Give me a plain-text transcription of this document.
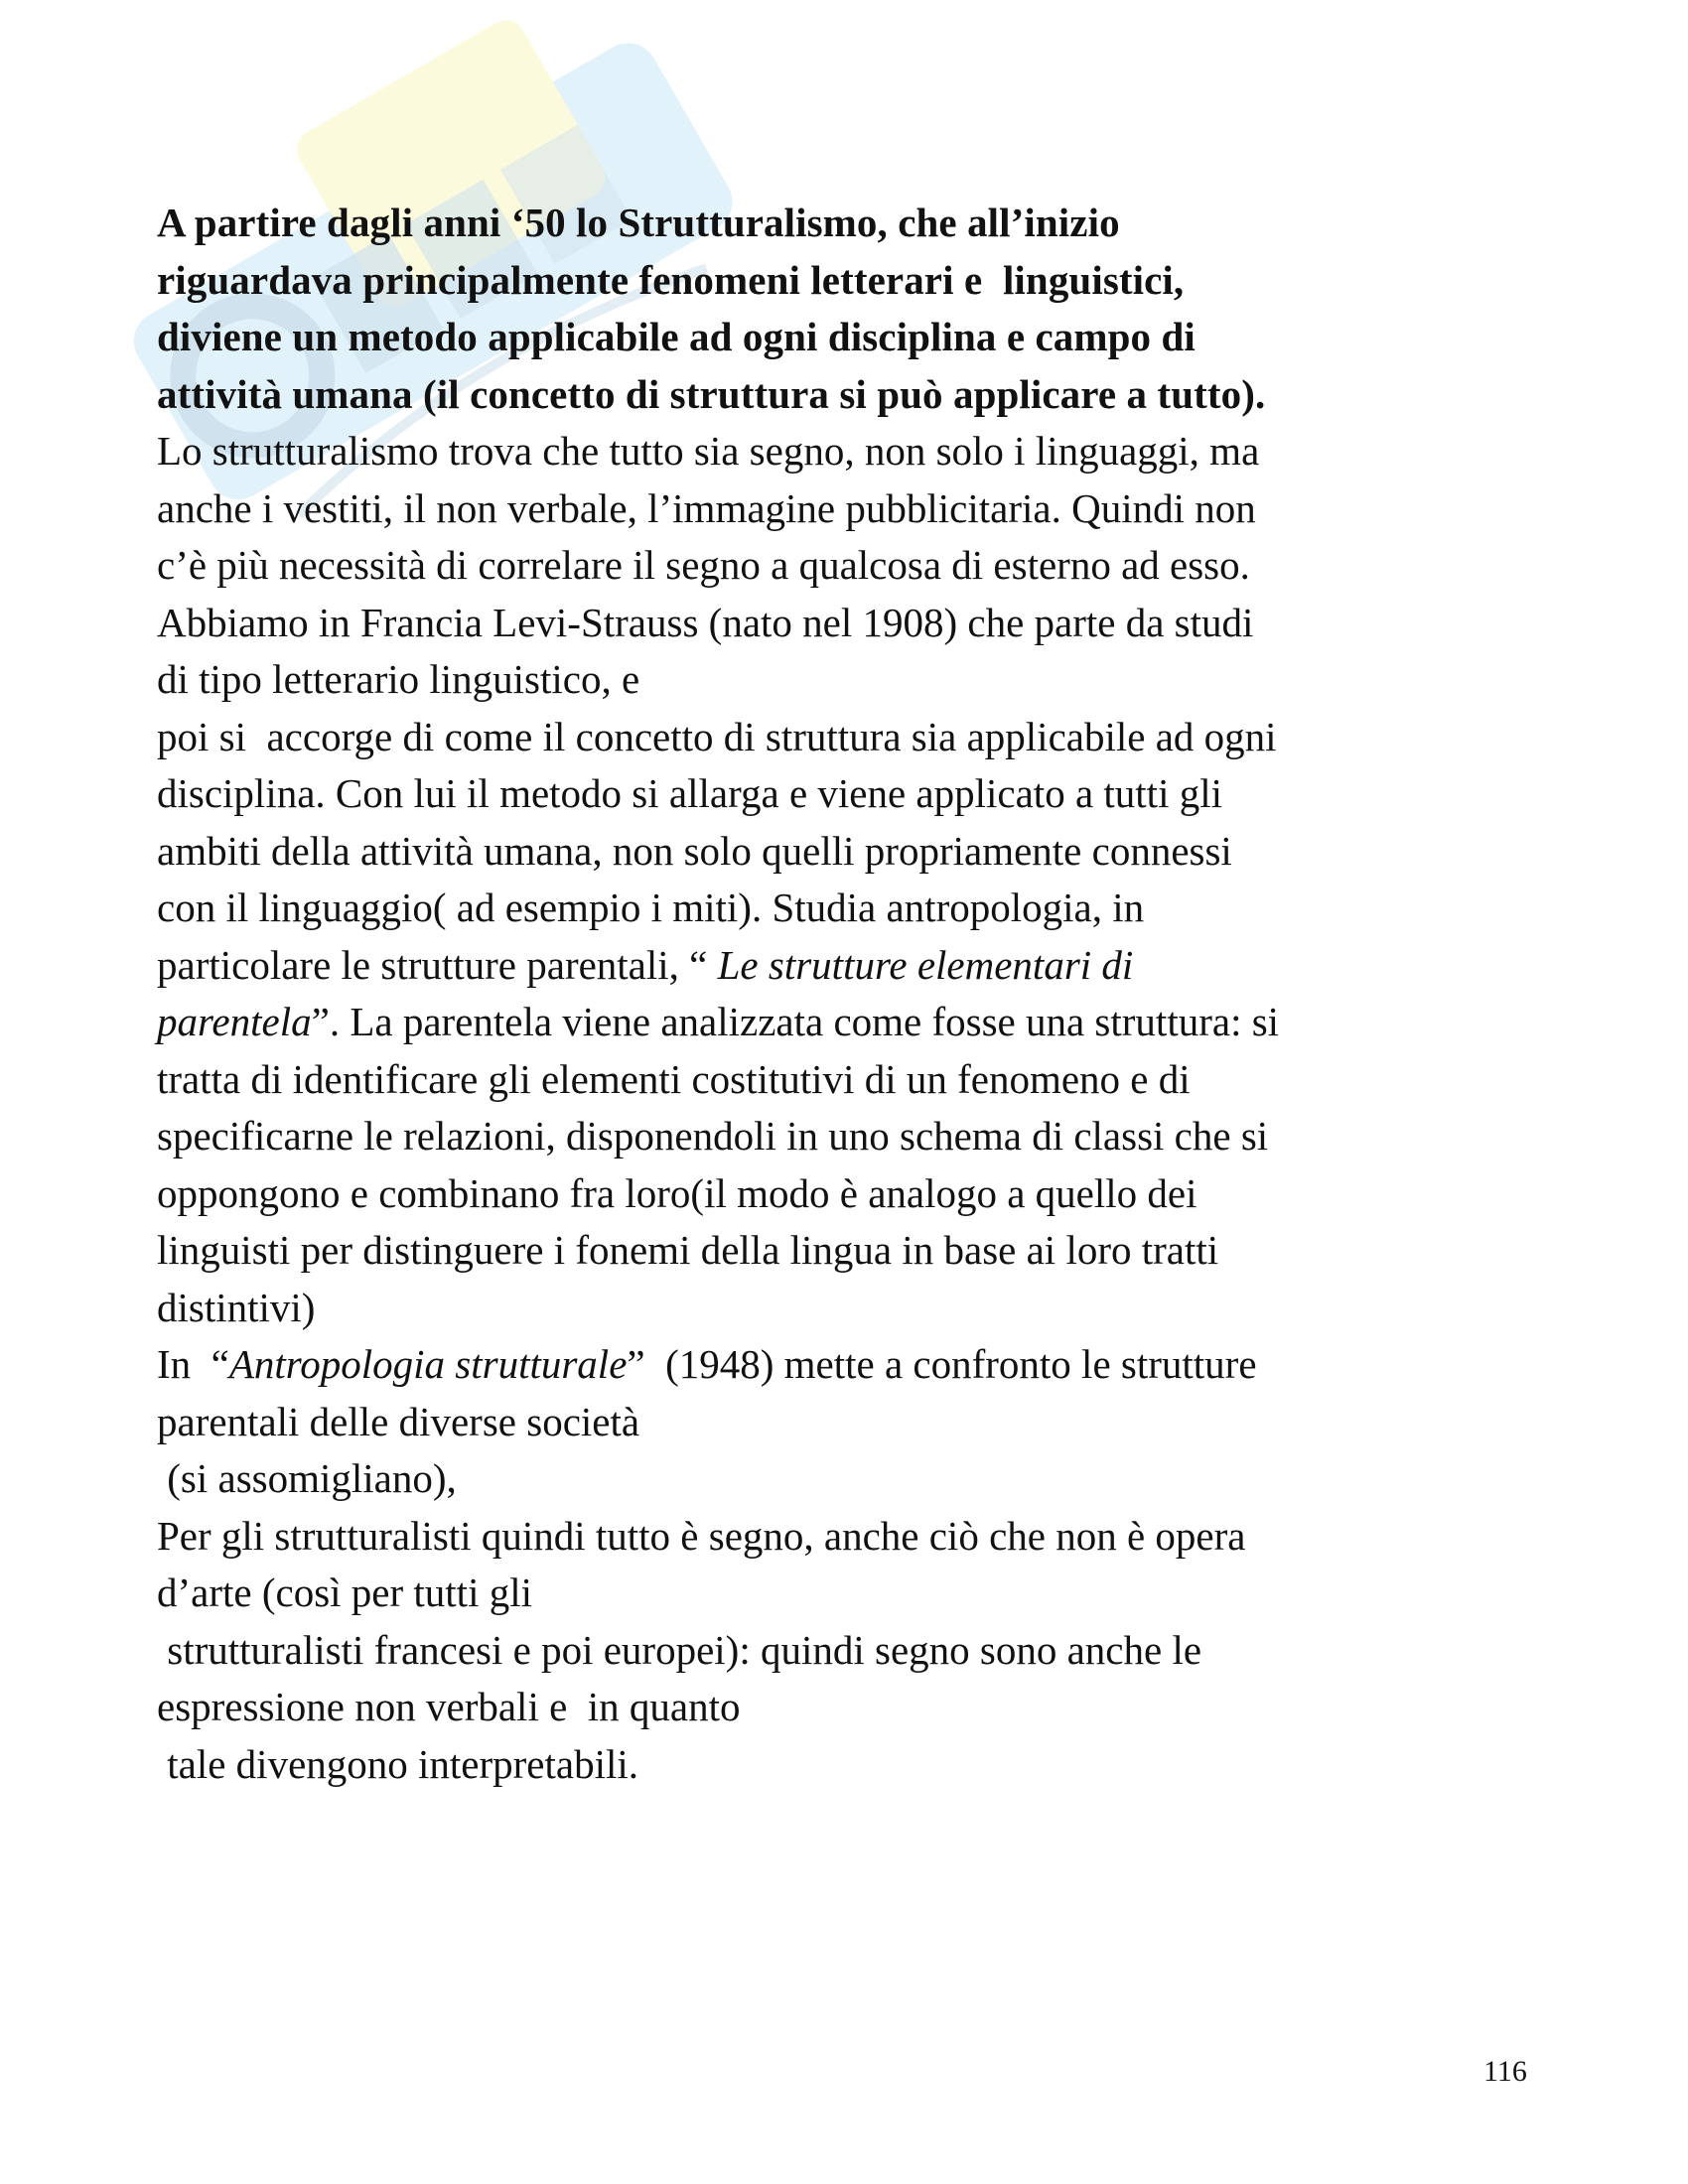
A partire dagli anni ‘50 lo Strutturalismo, che all’inizio
riguardava principalmente fenomeni letterari e  linguistici,
diviene un metodo applicabile ad ogni disciplina e campo di
attività umana (il concetto di struttura si può applicare a tutto).
Lo strutturalismo trova che tutto sia segno, non solo i linguaggi, ma
anche i vestiti, il non verbale, l’immagine pubblicitaria. Quindi non
c’è più necessità di correlare il segno a qualcosa di esterno ad esso.
Abbiamo in Francia Levi-Strauss (nato nel 1908) che parte da studi
di tipo letterario linguistico, e
poi si  accorge di come il concetto di struttura sia applicabile ad ogni
disciplina. Con lui il metodo si allarga e viene applicato a tutti gli
ambiti della attività umana, non solo quelli propriamente connessi
con il linguaggio( ad esempio i miti). Studia antropologia, in
particolare le strutture parentali, “ Le strutture elementari di
parentela”. La parentela viene analizzata come fosse una struttura: si
tratta di identificare gli elementi costitutivi di un fenomeno e di
specificarne le relazioni, disponendoli in uno schema di classi che si
oppongono e combinano fra loro(il modo è analogo a quello dei
linguisti per distinguere i fonemi della lingua in base ai loro tratti
distintivi)
In  “Antropologia strutturale”  (1948) mette a confronto le strutture
parentali delle diverse società
(si assomigliano),
Per gli strutturalisti quindi tutto è segno, anche ciò che non è opera
d’arte (così per tutti gli
strutturalisti francesi e poi europei): quindi segno sono anche le
espressione non verbali e  in quanto
tale divengono interpretabili.
116
